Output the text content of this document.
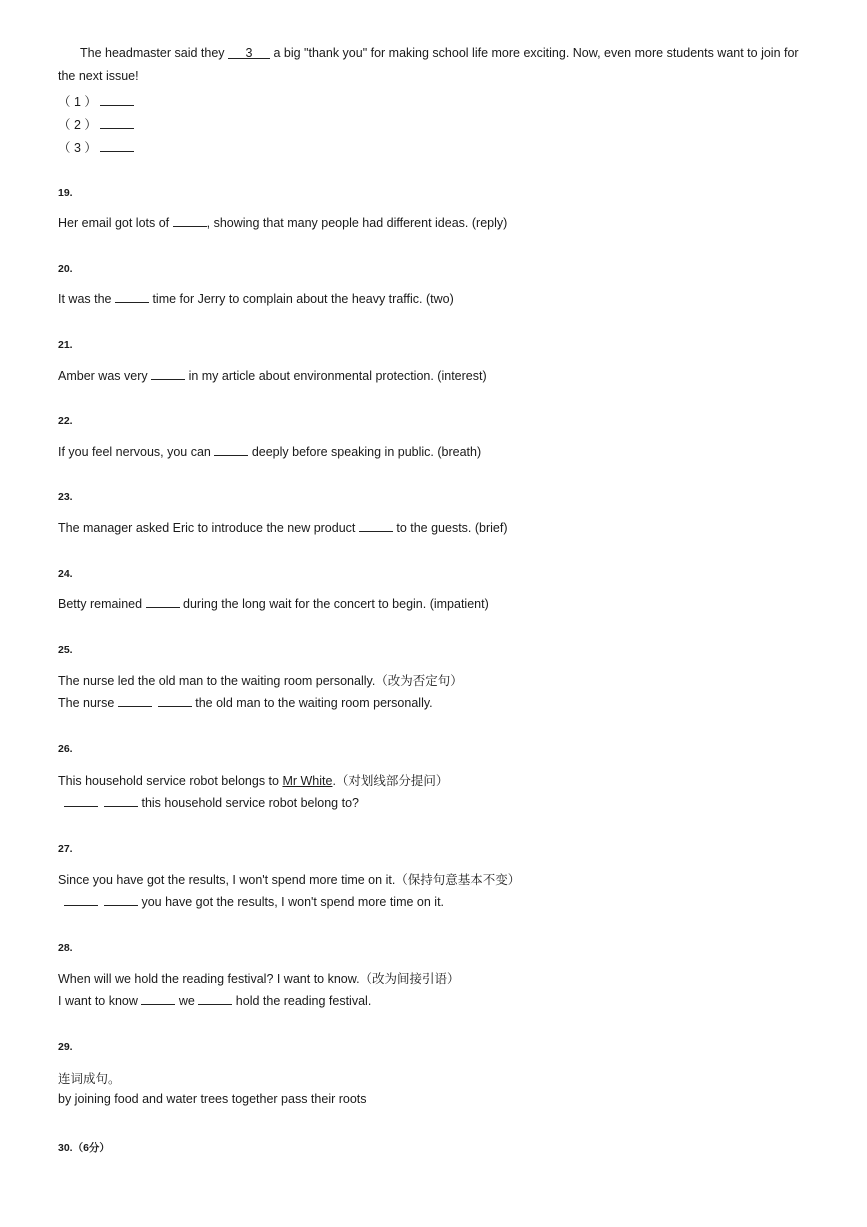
The headmaster said they 3 a big "thank you" for making school life more exciting. Now, even more students want to join for
the next issue!
（ 1 ）
（ 2 ）
（ 3 ）
19.
Her email got lots of	, showing that many people had different ideas. (reply)
20.
It was the	time for Jerry to complain about the heavy traffic. (two)
21.
Amber was very	in my article about environmental protection. (interest)
22.
If you feel nervous, you can	deeply before speaking in public. (breath)
23.
The manager asked Eric to introduce the new product	to the guests. (brief)
24.
Betty remained	during the long wait for the concert to begin. (impatient)
25.
The nurse led the old man to the waiting room personally.（改为否定句）
The nurse	the old man to the waiting room personally.
26.
This household service robot belongs to Mr White.（对划线部分提问）
this household service robot belong to?
27.
Since you have got the results, I won't spend more time on it.（保持句意基本不变）
you have got the results, I won't spend more time on it.
28.
When will we hold the reading festival? I want to know.（改为间接引语）
I want to know	we	hold the reading festival.
29.
连词成句。
by joining food and water trees together pass their roots
30.（6分）
